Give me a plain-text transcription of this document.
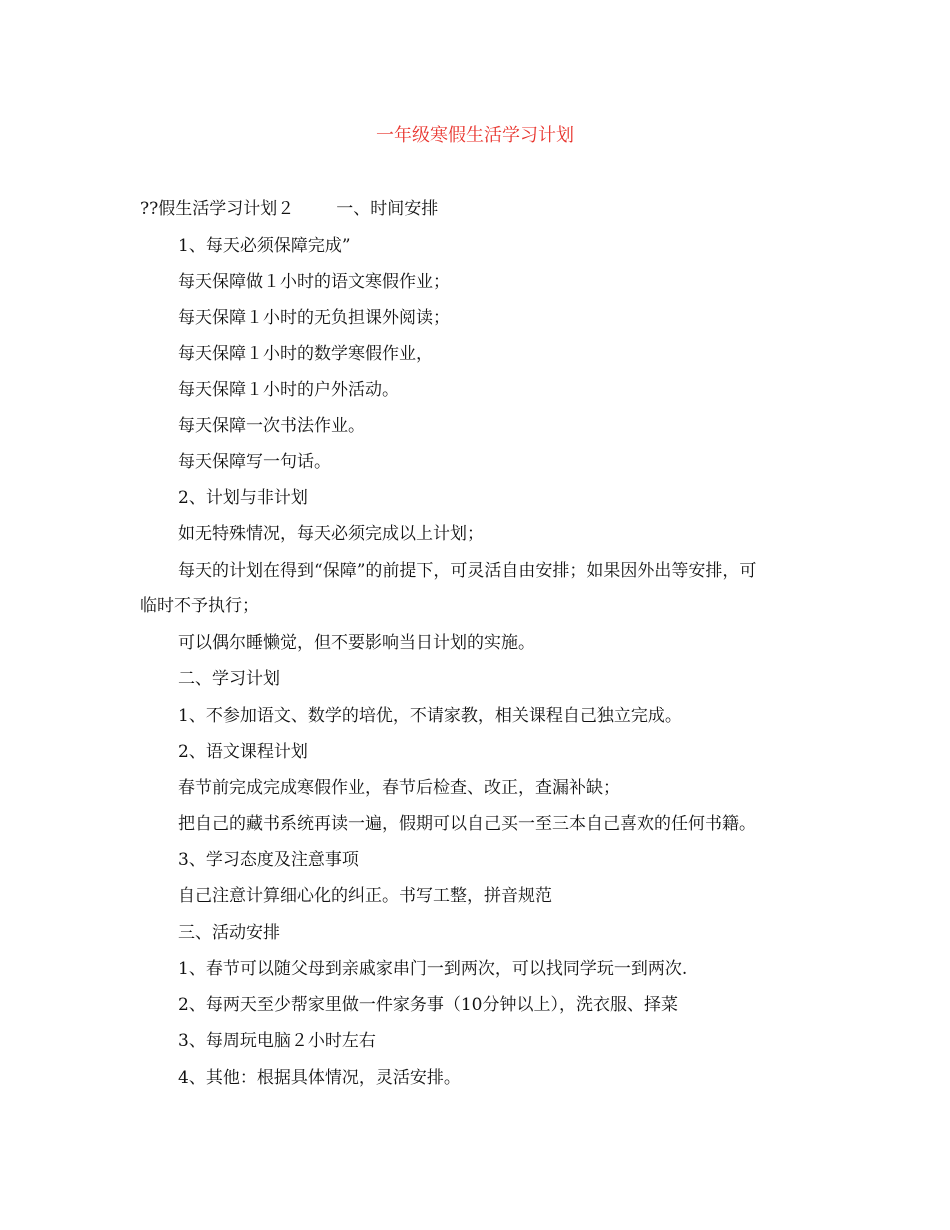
一年级寒假生活学习计划
??假生活学习计划２ 一、时间安排
1、每天必须保障完成”
每天保障做１小时的语文寒假作业；
每天保障１小时的无负担课外阅读；
每天保障１小时的数学寒假作业，
每天保障１小时的户外活动。
每天保障一次书法作业。
每天保障写一句话。
2、计划与非计划
如无特殊情况，每天必须完成以上计划；
每天的计划在得到“保障”的前提下，可灵活自由安排；如果因外出等安排，可
临时不予执行；
可以偶尔睡懒觉，但不要影响当日计划的实施。
二、学习计划
1、不参加语文、数学的培优，不请家教，相关课程自己独立完成。
2、语文课程计划
春节前完成完成寒假作业，春节后检查、改正，查漏补缺；
把自己的藏书系统再读一遍，假期可以自己买一至三本自己喜欢的任何书籍。
3、学习态度及注意事项
自己注意计算细心化的纠正。书写工整，拼音规范
三、活动安排
1、春节可以随父母到亲戚家串门一到两次，可以找同学玩一到两次.
2、每两天至少帮家里做一件家务事（10分钟以上），洗衣服、择菜
3、每周玩电脑２小时左右
4、其他：根据具体情况，灵活安排。
